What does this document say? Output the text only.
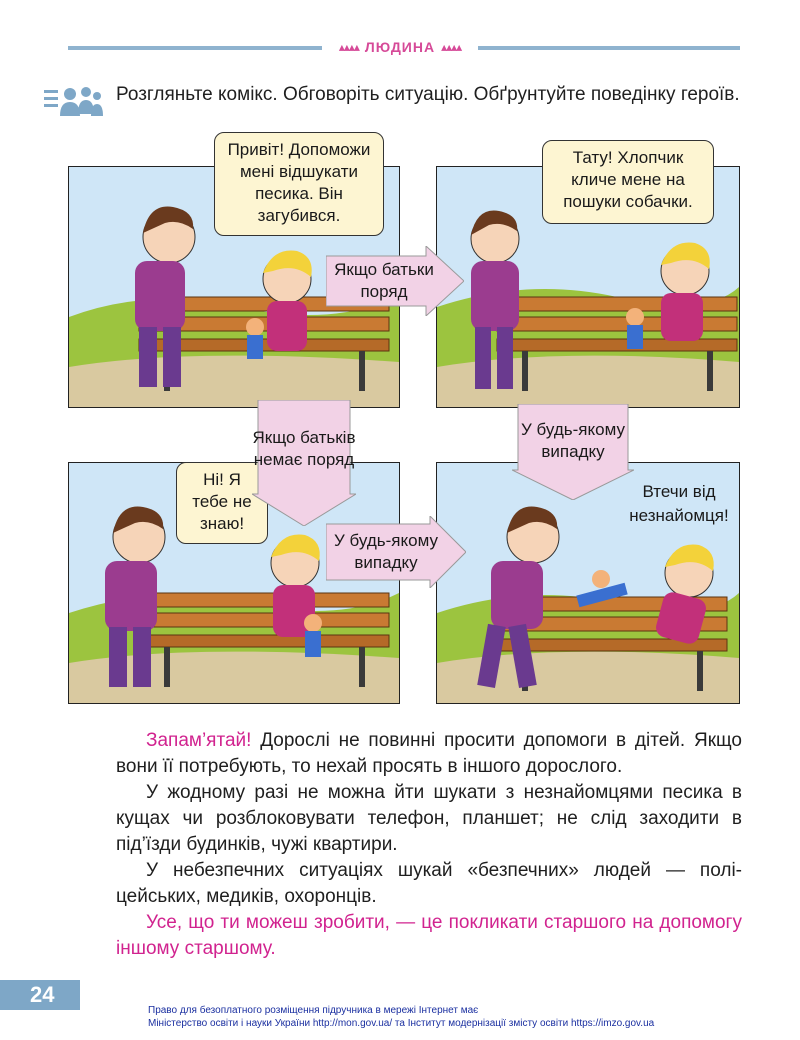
▴▴▴▴ ЛЮДИНА ▴▴▴▴
Розгляньте комікс. Обговоріть ситуацію. Обґрунтуйте поведінку героїв.
Привіт! Допоможи мені відшукати песика. Він загубився.
Тату! Хлопчик кличе мене на пошуки собачки.
Ні! Я тебе не знаю!
Втечи від незнайомця!
Якщо батьки поряд
Якщо батьків немає поряд
У будь-якому випадку
У будь-якому випадку

Запам’ятай! Дорослі не повинні просити допомоги в дітей. Якщо вони її потребують, то нехай просять в іншого дорослого.

У жодному разі не можна йти шукати з незнайомцями песика в кущах чи розблоковувати телефон, планшет; не слід заходити в під’їзди будинків, чужі квартири.

У небезпечних ситуаціях шукай «безпечних» людей — поліцейських, медиків, охоронців.

Усе, що ти можеш зробити, — це покликати старшого на допомогу іншому старшому.

24
Право для безоплатного розміщення підручника в мережі Інтернет має
Міністерство освіти і науки України http://mon.gov.ua/ та Інститут модернізації змісту освіти https://imzo.gov.ua
